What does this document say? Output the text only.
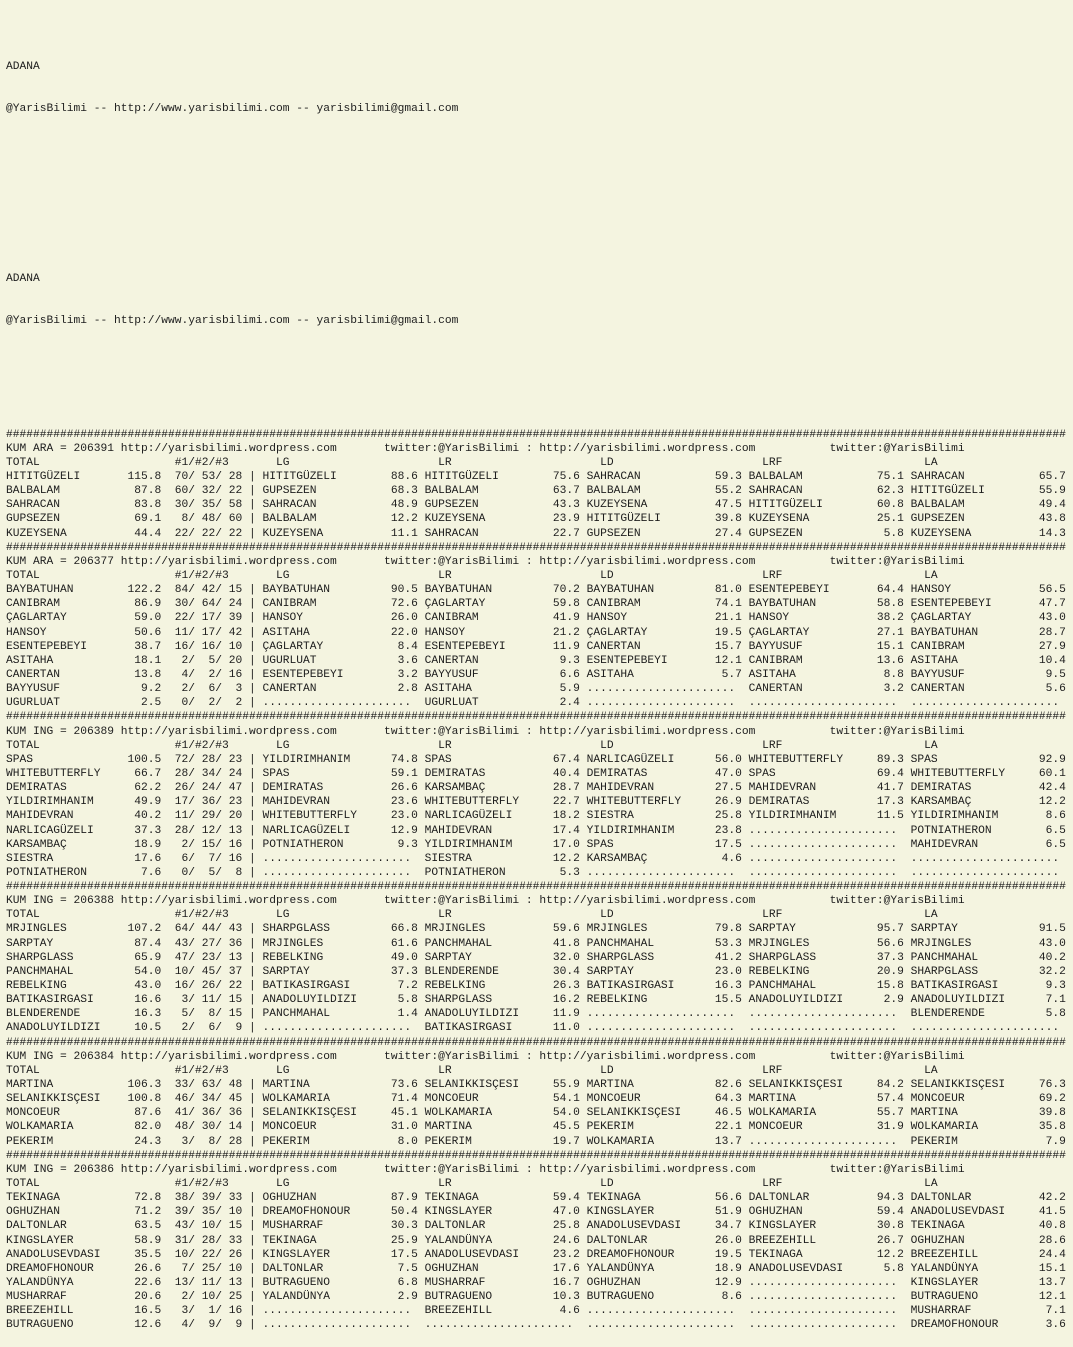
ADANA

@YarisBilimi -- http://www.yarisbilimi.com -- yarisbilimi@gmail.com

ADANA

@YarisBilimi -- http://www.yarisbilimi.com -- yarisbilimi@gmail.com

#############################################################################################################################################################
KUM ARA = 206391 http://yarisbilimi.wordpress.com       twitter:@YarisBilimi : http://yarisbilimi.wordpress.com           twitter:@YarisBilimi
TOTAL                    #1/#2/#3       LG                      LR                      LD                      LRF                     LA
HITITGÜZELI       115.8  70/ 53/ 28 | HITITGÜZELI        88.6 HITITGÜZELI        75.6 SAHRACAN           59.3 BALBALAM           75.1 SAHRACAN           65.7
BALBALAM           87.8  60/ 32/ 22 | GUPSEZEN           68.3 BALBALAM           63.7 BALBALAM           55.2 SAHRACAN           62.3 HITITGÜZELI        55.9
SAHRACAN           83.8  30/ 35/ 58 | SAHRACAN           48.9 GUPSEZEN           43.3 KUZEYSENA          47.5 HITITGÜZELI        60.8 BALBALAM           49.4
GUPSEZEN           69.1   8/ 48/ 60 | BALBALAM           12.2 KUZEYSENA          23.9 HITITGÜZELI        39.8 KUZEYSENA          25.1 GUPSEZEN           43.8
KUZEYSENA          44.4  22/ 22/ 22 | KUZEYSENA          11.1 SAHRACAN           22.7 GUPSEZEN           27.4 GUPSEZEN            5.8 KUZEYSENA          14.3
#############################################################################################################################################################
KUM ARA = 206377 http://yarisbilimi.wordpress.com       twitter:@YarisBilimi : http://yarisbilimi.wordpress.com           twitter:@YarisBilimi
TOTAL                    #1/#2/#3       LG                      LR                      LD                      LRF                     LA
BAYBATUHAN        122.2  84/ 42/ 15 | BAYBATUHAN         90.5 BAYBATUHAN         70.2 BAYBATUHAN         81.0 ESENTEPEBEYI       64.4 HANSOY             56.5
CANIBRAM           86.9  30/ 64/ 24 | CANIBRAM           72.6 ÇAGLARTAY          59.8 CANIBRAM           74.1 BAYBATUHAN         58.8 ESENTEPEBEYI       47.7
ÇAGLARTAY          59.0  22/ 17/ 39 | HANSOY             26.0 CANIBRAM           41.9 HANSOY             21.1 HANSOY             38.2 ÇAGLARTAY          43.0
HANSOY             50.6  11/ 17/ 42 | ASITAHA            22.0 HANSOY             21.2 ÇAGLARTAY          19.5 ÇAGLARTAY          27.1 BAYBATUHAN         28.7
ESENTEPEBEYI       38.7  16/ 16/ 10 | ÇAGLARTAY           8.4 ESENTEPEBEYI       11.9 CANERTAN           15.7 BAYYUSUF           15.1 CANIBRAM           27.9
ASITAHA            18.1   2/  5/ 20 | UGURLUAT            3.6 CANERTAN            9.3 ESENTEPEBEYI       12.1 CANIBRAM           13.6 ASITAHA            10.4
CANERTAN           13.8   4/  2/ 16 | ESENTEPEBEYI        3.2 BAYYUSUF            6.6 ASITAHA             5.7 ASITAHA             8.8 BAYYUSUF            9.5
BAYYUSUF            9.2   2/  6/  3 | CANERTAN            2.8 ASITAHA             5.9 ......................  CANERTAN            3.2 CANERTAN            5.6
UGURLUAT            2.5   0/  2/  2 | ......................  UGURLUAT            2.4 ......................  ......................  ......................
#############################################################################################################################################################
KUM ING = 206389 http://yarisbilimi.wordpress.com       twitter:@YarisBilimi : http://yarisbilimi.wordpress.com           twitter:@YarisBilimi
TOTAL                    #1/#2/#3       LG                      LR                      LD                      LRF                     LA
SPAS              100.5  72/ 28/ 23 | YILDIRIMHANIM      74.8 SPAS               67.4 NARLICAGÜZELI      56.0 WHITEBUTTERFLY     89.3 SPAS               92.9
WHITEBUTTERFLY     66.7  28/ 34/ 24 | SPAS               59.1 DEMIRATAS          40.4 DEMIRATAS          47.0 SPAS               69.4 WHITEBUTTERFLY     60.1
DEMIRATAS          62.2  26/ 24/ 47 | DEMIRATAS          26.6 KARSAMBAÇ          28.7 MAHIDEVRAN         27.5 MAHIDEVRAN         41.7 DEMIRATAS          42.4
YILDIRIMHANIM      49.9  17/ 36/ 23 | MAHIDEVRAN         23.6 WHITEBUTTERFLY     22.7 WHITEBUTTERFLY     26.9 DEMIRATAS          17.3 KARSAMBAÇ          12.2
MAHIDEVRAN         40.2  11/ 29/ 20 | WHITEBUTTERFLY     23.0 NARLICAGÜZELI      18.2 SIESTRA            25.8 YILDIRIMHANIM      11.5 YILDIRIMHANIM       8.6
NARLICAGÜZELI      37.3  28/ 12/ 13 | NARLICAGÜZELI      12.9 MAHIDEVRAN         17.4 YILDIRIMHANIM      23.8 ......................  POTNIATHERON        6.5
KARSAMBAÇ          18.9   2/ 15/ 16 | POTNIATHERON        9.3 YILDIRIMHANIM      17.0 SPAS               17.5 ......................  MAHIDEVRAN          6.5
SIESTRA            17.6   6/  7/ 16 | ......................  SIESTRA            12.2 KARSAMBAÇ           4.6 ......................  ......................
POTNIATHERON        7.6   0/  5/  8 | ......................  POTNIATHERON        5.3 ......................  ......................  ......................
#############################################################################################################################################################
KUM ING = 206388 http://yarisbilimi.wordpress.com       twitter:@YarisBilimi : http://yarisbilimi.wordpress.com           twitter:@YarisBilimi
TOTAL                    #1/#2/#3       LG                      LR                      LD                      LRF                     LA
MRJINGLES         107.2  64/ 44/ 43 | SHARPGLASS         66.8 MRJINGLES          59.6 MRJINGLES          79.8 SARPTAY            95.7 SARPTAY            91.5
SARPTAY            87.4  43/ 27/ 36 | MRJINGLES          61.6 PANCHMAHAL         41.8 PANCHMAHAL         53.3 MRJINGLES          56.6 MRJINGLES          43.0
SHARPGLASS         65.9  47/ 23/ 13 | REBELKING          49.0 SARPTAY            32.0 SHARPGLASS         41.2 SHARPGLASS         37.3 PANCHMAHAL         40.2
PANCHMAHAL         54.0  10/ 45/ 37 | SARPTAY            37.3 BLENDERENDE        30.4 SARPTAY            23.0 REBELKING          20.9 SHARPGLASS         32.2
REBELKING          43.0  16/ 26/ 22 | BATIKASIRGASI       7.2 REBELKING          26.3 BATIKASIRGASI      16.3 PANCHMAHAL         15.8 BATIKASIRGASI       9.3
BATIKASIRGASI      16.6   3/ 11/ 15 | ANADOLUYILDIZI      5.8 SHARPGLASS         16.2 REBELKING          15.5 ANADOLUYILDIZI      2.9 ANADOLUYILDIZI      7.1
BLENDERENDE        16.3   5/  8/ 15 | PANCHMAHAL          1.4 ANADOLUYILDIZI     11.9 ......................  ......................  BLENDERENDE         5.8
ANADOLUYILDIZI     10.5   2/  6/  9 | ......................  BATIKASIRGASI      11.0 ......................  ......................  ......................
#############################################################################################################################################################
KUM ING = 206384 http://yarisbilimi.wordpress.com       twitter:@YarisBilimi : http://yarisbilimi.wordpress.com           twitter:@YarisBilimi
TOTAL                    #1/#2/#3       LG                      LR                      LD                      LRF                     LA
MARTINA           106.3  33/ 63/ 48 | MARTINA            73.6 SELANIKKISÇESI     55.9 MARTINA            82.6 SELANIKKISÇESI     84.2 SELANIKKISÇESI     76.3
SELANIKKISÇESI    100.8  46/ 34/ 45 | WOLKAMARIA         71.4 MONCOEUR           54.1 MONCOEUR           64.3 MARTINA            57.4 MONCOEUR           69.2
MONCOEUR           87.6  41/ 36/ 36 | SELANIKKISÇESI     45.1 WOLKAMARIA         54.0 SELANIKKISÇESI     46.5 WOLKAMARIA         55.7 MARTINA            39.8
WOLKAMARIA         82.0  48/ 30/ 14 | MONCOEUR           31.0 MARTINA            45.5 PEKERIM            22.1 MONCOEUR           31.9 WOLKAMARIA         35.8
PEKERIM            24.3   3/  8/ 28 | PEKERIM             8.0 PEKERIM            19.7 WOLKAMARIA         13.7 ......................  PEKERIM             7.9
#############################################################################################################################################################
KUM ING = 206386 http://yarisbilimi.wordpress.com       twitter:@YarisBilimi : http://yarisbilimi.wordpress.com           twitter:@YarisBilimi
TOTAL                    #1/#2/#3       LG                      LR                      LD                      LRF                     LA
TEKINAGA           72.8  38/ 39/ 33 | OGHUZHAN           87.9 TEKINAGA           59.4 TEKINAGA           56.6 DALTONLAR          94.3 DALTONLAR          42.2
OGHUZHAN           71.2  39/ 35/ 10 | DREAMOFHONOUR      50.4 KINGSLAYER         47.0 KINGSLAYER         51.9 OGHUZHAN           59.4 ANADOLUSEVDASI     41.5
DALTONLAR          63.5  43/ 10/ 15 | MUSHARRAF          30.3 DALTONLAR          25.8 ANADOLUSEVDASI     34.7 KINGSLAYER         30.8 TEKINAGA           40.8
KINGSLAYER         58.9  31/ 28/ 33 | TEKINAGA           25.9 YALANDÜNYA         24.6 DALTONLAR          26.0 BREEZEHILL         26.7 OGHUZHAN           28.6
ANADOLUSEVDASI     35.5  10/ 22/ 26 | KINGSLAYER         17.5 ANADOLUSEVDASI     23.2 DREAMOFHONOUR      19.5 TEKINAGA           12.2 BREEZEHILL         24.4
DREAMOFHONOUR      26.6   7/ 25/ 10 | DALTONLAR           7.5 OGHUZHAN           17.6 YALANDÜNYA         18.9 ANADOLUSEVDASI      5.8 YALANDÜNYA         15.1
YALANDÜNYA         22.6  13/ 11/ 13 | BUTRAGUENO          6.8 MUSHARRAF          16.7 OGHUZHAN           12.9 ......................  KINGSLAYER         13.7
MUSHARRAF          20.6   2/ 10/ 25 | YALANDÜNYA          2.9 BUTRAGUENO         10.3 BUTRAGUENO          8.6 ......................  BUTRAGUENO         12.1
BREEZEHILL         16.5   3/  1/ 16 | ......................  BREEZEHILL          4.6 ......................  ......................  MUSHARRAF           7.1
BUTRAGUENO         12.6   4/  9/  9 | ......................  ......................  ......................  ......................  DREAMOFHONOUR       3.6
